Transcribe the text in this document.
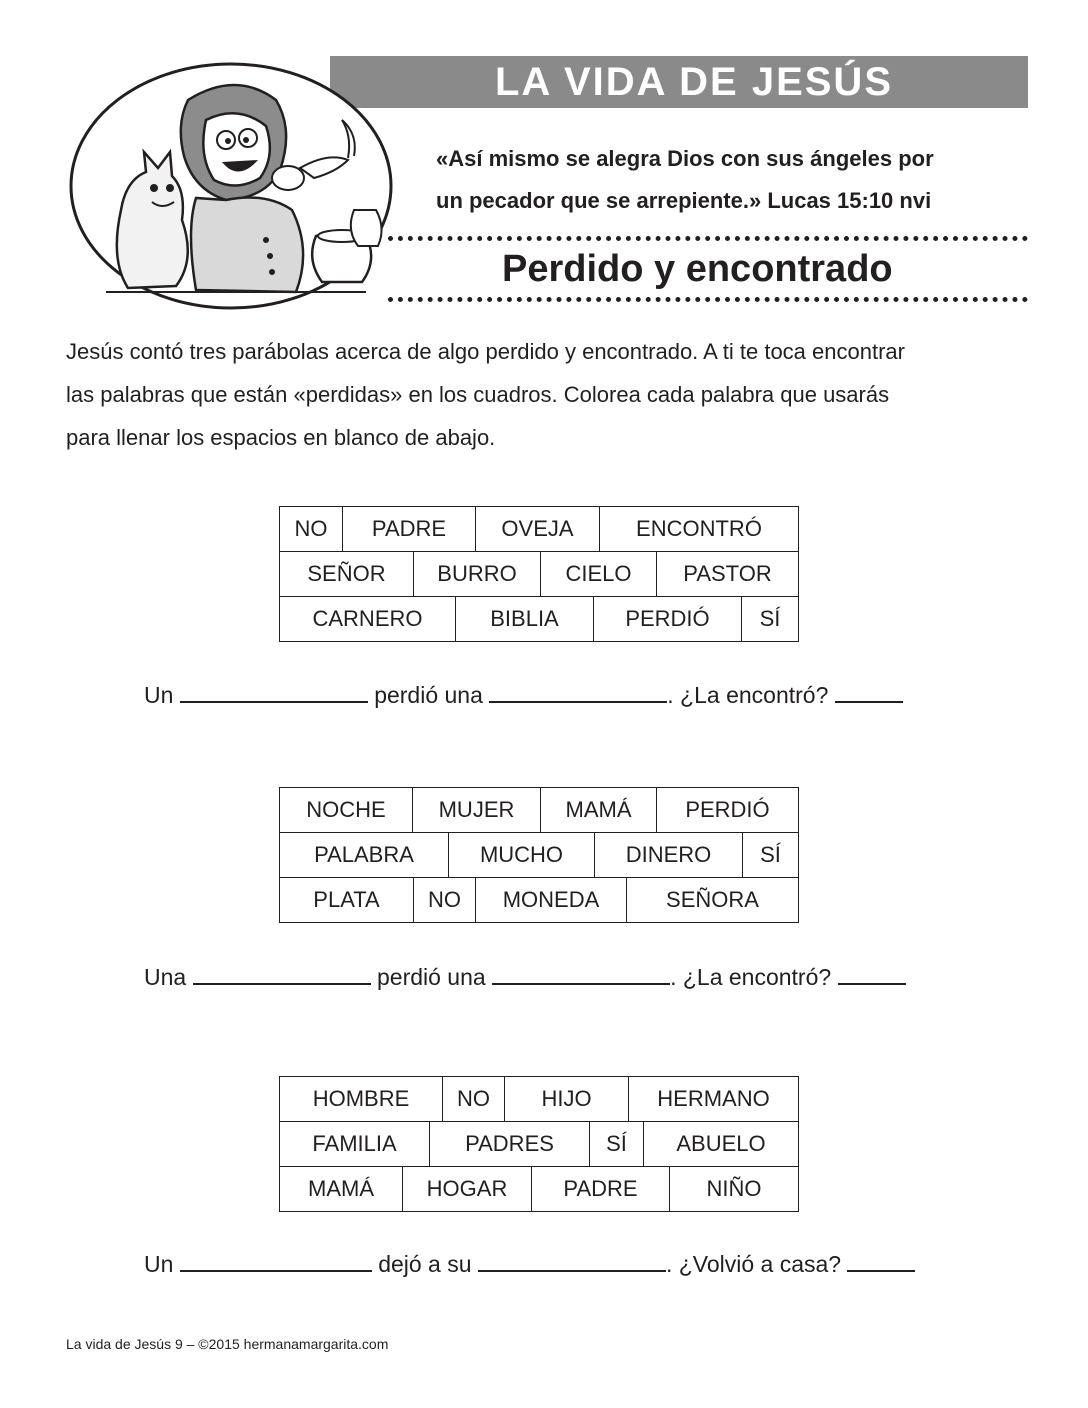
LA VIDA DE JESÚS
«Así mismo se alegra Dios con sus ángeles por
un pecador que se arrepiente.» Lucas 15:10 nvi
Perdido y encontrado
Jesús contó tres parábolas acerca de algo perdido y encontrado. A ti te toca encontrar
las palabras que están «perdidas» en los cuadros. Colorea cada palabra que usarás
para llenar los espacios en blanco de abajo.
NO	PADRE	OVEJA	ENCONTRÓ
SEÑOR	BURRO	CIELO	PASTOR
CARNERO	BIBLIA	PERDIÓ	SÍ
Un	perdió una	. ¿La encontró?
NOCHE	MUJER	MAMÁ	PERDIÓ
PALABRA	MUCHO	DINERO	SÍ
PLATA	NO	MONEDA	SEÑORA
Una	perdió una	. ¿La encontró?
HOMBRE	NO	HIJO	HERMANO
FAMILIA	PADRES	SÍ	ABUELO
MAMÁ	HOGAR	PADRE	NIÑO
Un	dejó a su	. ¿Volvió a casa?
La vida de Jesús 9 – ©2015 hermanamargarita.com
